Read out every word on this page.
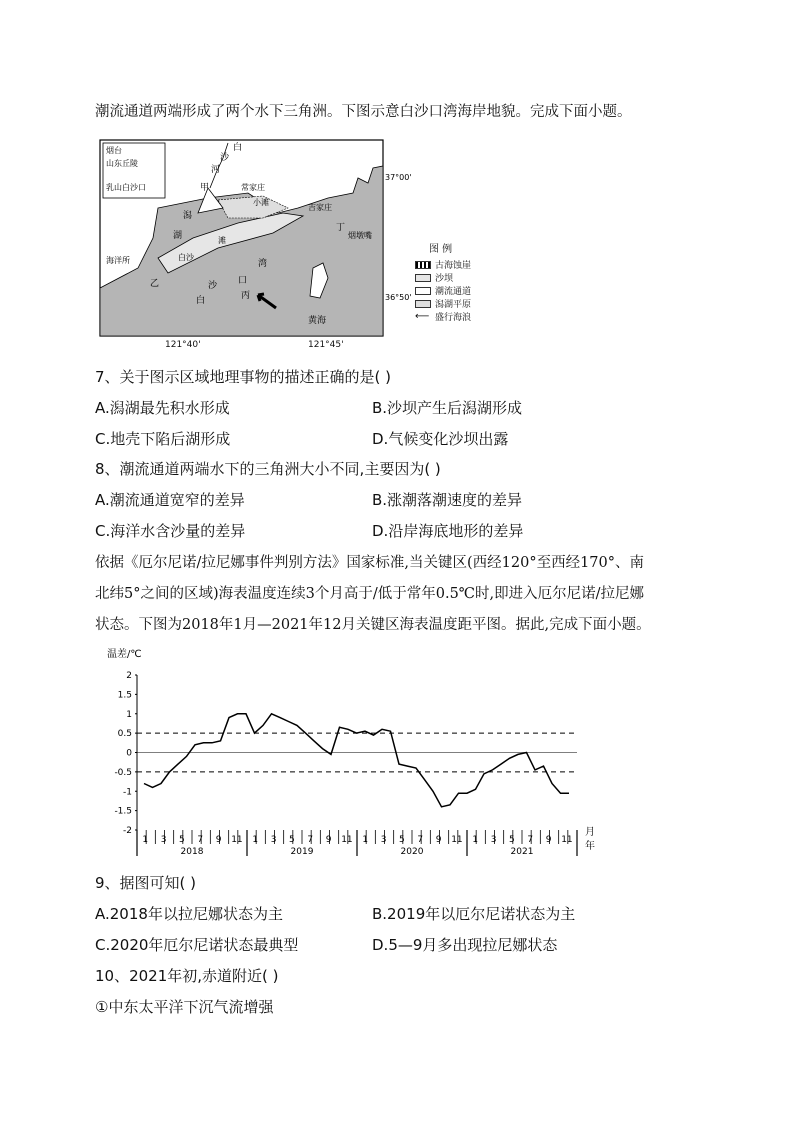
潮流通道两端形成了两个水下三角洲。下图示意白沙口湾海岸地貌。完成下面小题。
37°00'
36°50'
烟台
山东丘陵
乳山白沙口
白
沙
河
甲	常家庄
小滩
吉家庄
丁
烟墩嘴
海洋所
潟
湖
乙
白沙
滩
湾
口
沙
白	丙
黄海
121°40'	121°45'
图 例
古海蚀崖
沙坝
潮流通道
潟湖平原
⟵ 盛行海浪
7、关于图示区域地理事物的描述正确的是( )
A.潟湖最先积水形成	B.沙坝产生后潟湖形成
C.地壳下陷后湖形成	D.气候变化沙坝出露
8、潮流通道两端水下的三角洲大小不同,主要因为( )
A.潮流通道宽窄的差异	B.涨潮落潮速度的差异
C.海洋水含沙量的差异	D.沿岸海底地形的差异
依据《厄尔尼诺/拉尼娜事件判别方法》国家标准,当关键区(西经120°至西经170°、南
北纬5°之间的区域)海表温度连续3个月高于/低于常年0.5℃时,即进入厄尔尼诺/拉尼娜
状态。下图为2018年1月—2021年12月关键区海表温度距平图。据此,完成下面小题。
温差/℃
2
1.5
1
0.5
0
-0.5
-1
-1.5
-2
1 3 5 7 9 11 1 3 5 7 9 11 1 3 5 7 9 11 1 3 5 7 9 11
2018	2019	2020	2021
月
年
9、据图可知( )
A.2018年以拉尼娜状态为主	B.2019年以厄尔尼诺状态为主
C.2020年厄尔尼诺状态最典型	D.5—9月多出现拉尼娜状态
10、2021年初,赤道附近( )
①中东太平洋下沉气流增强
